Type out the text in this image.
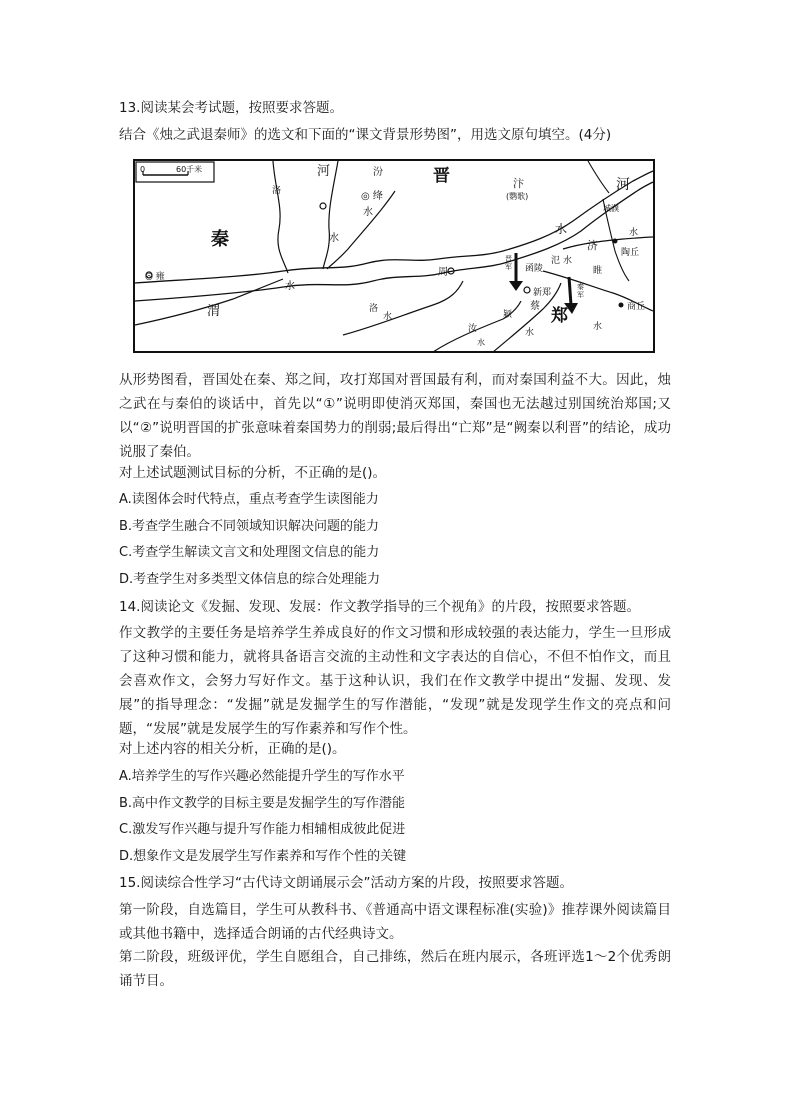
13.阅读某会考试题，按照要求答题。

结合《烛之武退秦师》的选文和下面的“课文背景形势图”，用选文原句填空。(4分)

0	60千米	河	汾	晋
洛	◎ 绛
水
汴
(鹦歌)
河
城濮
秦	水
水
济
水
陶丘
◎ 雍
晋军 函陵
氾 水
睢
周
新郑
秦军
渭
水
洛
水	郑	商丘
汝
颍
水
水
蔡
水

从形势图看，晋国处在秦、郑之间，攻打郑国对晋国最有利，而对秦国利益不大。因此，烛之武在与秦伯的谈话中，首先以“①”说明即使消灭郑国，秦国也无法越过别国统治郑国;又以“②”说明晋国的扩张意味着秦国势力的削弱;最后得出“亡郑”是“阙秦以利晋”的结论，成功说服了秦伯。

对上述试题测试目标的分析，不正确的是()。

A.读图体会时代特点，重点考查学生读图能力

B.考查学生融合不同领域知识解决问题的能力

C.考查学生解读文言文和处理图文信息的能力

D.考查学生对多类型文体信息的综合处理能力

14.阅读论文《发掘、发现、发展：作文教学指导的三个视角》的片段，按照要求答题。

作文教学的主要任务是培养学生养成良好的作文习惯和形成较强的表达能力，学生一旦形成了这种习惯和能力，就将具备语言交流的主动性和文字表达的自信心，不但不怕作文，而且会喜欢作文，会努力写好作文。基于这种认识，我们在作文教学中提出“发掘、发现、发展”的指导理念：“发掘”就是发掘学生的写作潜能，“发现”就是发现学生作文的亮点和问题，“发展”就是发展学生的写作素养和写作个性。

对上述内容的相关分析，正确的是()。

A.培养学生的写作兴趣必然能提升学生的写作水平

B.高中作文教学的目标主要是发掘学生的写作潜能

C.激发写作兴趣与提升写作能力相辅相成彼此促进

D.想象作文是发展学生写作素养和写作个性的关键

15.阅读综合性学习“古代诗文朗诵展示会”活动方案的片段，按照要求答题。

第一阶段，自选篇目，学生可从教科书、《普通高中语文课程标准(实验)》推荐课外阅读篇目或其他书籍中，选择适合朗诵的古代经典诗文。

第二阶段，班级评优，学生自愿组合，自己排练，然后在班内展示，各班评选1～2个优秀朗诵节目。
